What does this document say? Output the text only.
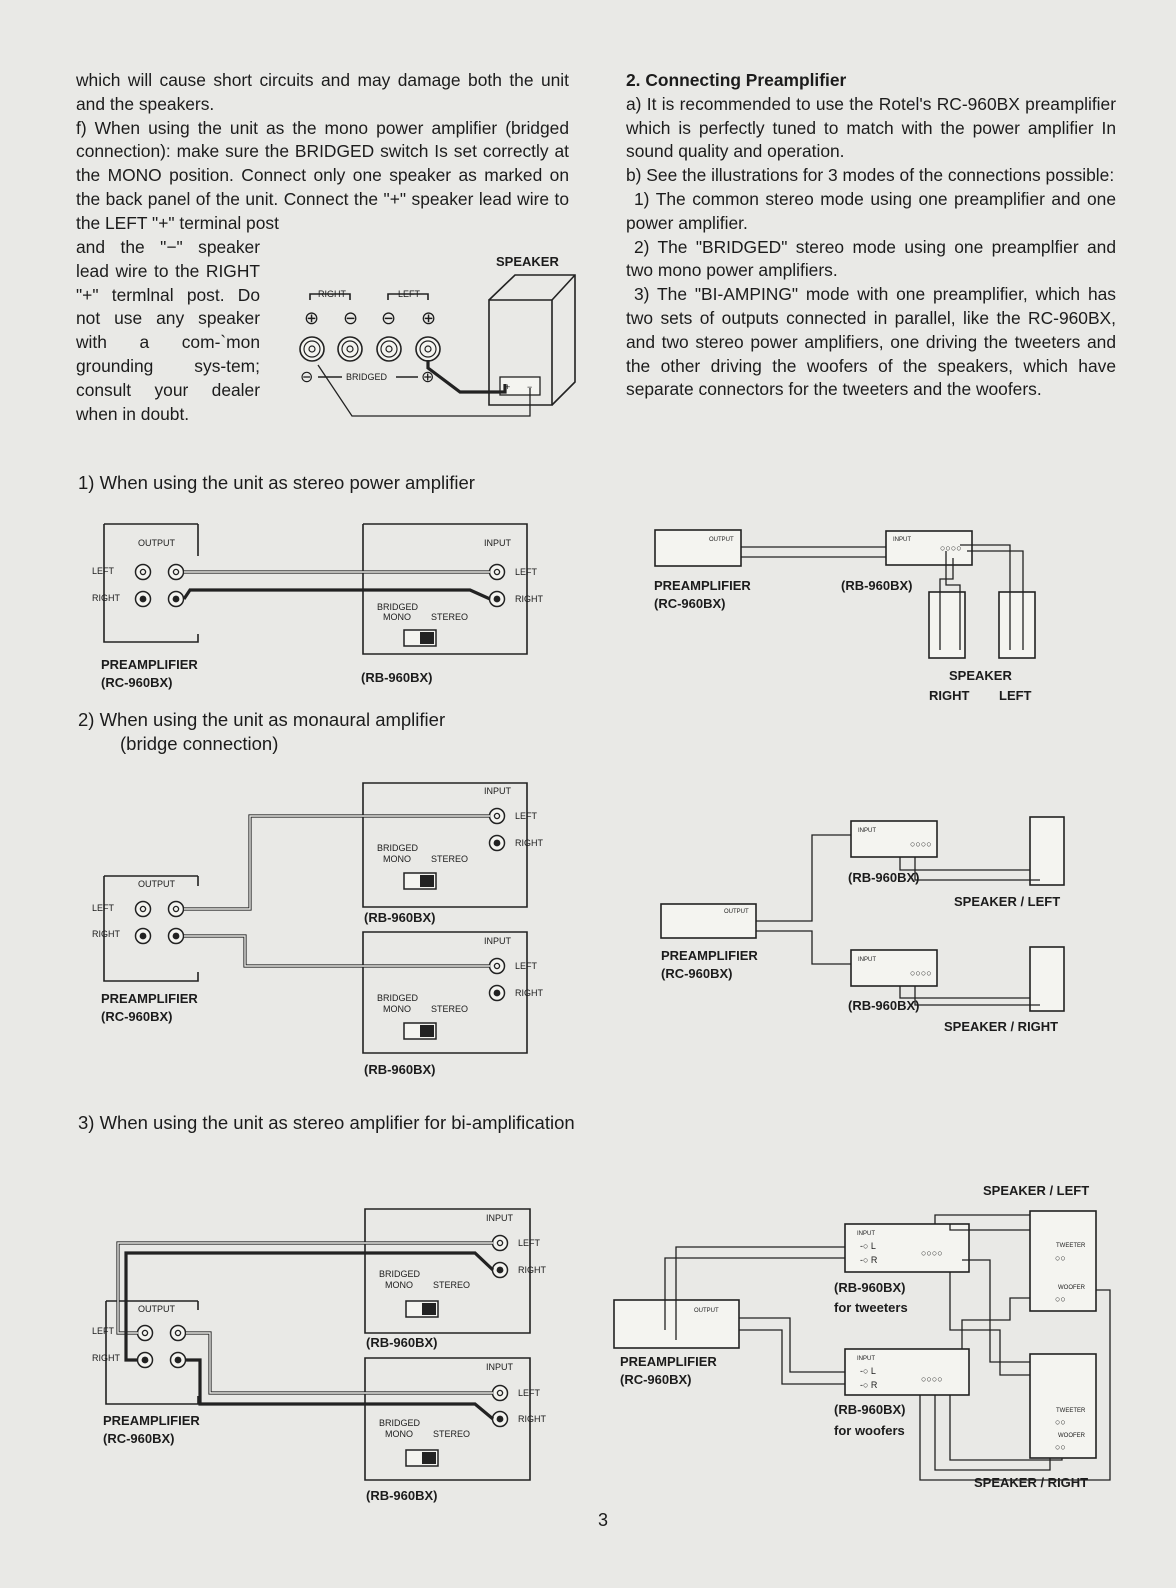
which will cause short circuits and may damage both the unit and the speakers.

f) When using the unit as the mono power amplifier (bridged connection): make sure the BRIDGED switch Is set correctly at the MONO position. Connect only one speaker as marked on the back panel of the unit. Connect the "+" speaker lead wire to the LEFT "+" terminal post

and the "−" speaker lead wire to the RIGHT "+" termlnal post. Do not use any speaker with a com-`mon grounding sys-tem; consult your dealer when in doubt.

2. Connecting Preamplifier

a) It is recommended to use the Rotel's RC-960BX preamplifier which is perfectly tuned to match with the power amplifier In sound quality and operation.

b) See the illustrations for 3 modes of the connections possible:

1) The common stereo mode using one preamplifier and one power amplifier.

2) The "BRIDGED" stereo mode using one preamplfier and two mono power amplifiers.

3) The "BI-AMPING" mode with one preamplifier, which has two sets of outputs connected in parallel, like the RC-960BX, and two stereo power amplifiers, one driving the tweeters and the other driving the woofers of the speakers, which have separate connectors for the tweeters and the woofers.

1) When using the unit as stereo power amplifier
2) When using the unit as monaural amplifier
(bridge connection)
3) When using the unit as stereo amplifier for bi-amplification
3
SPEAKER
+ −
RIGHT	LEFT
⊕ ⊖ ⊖ ⊕
⊖	⊕
BRIDGED
OUTPUT
LEFT
RIGHT
INPUT
LEFT
RIGHT
BRIDGED
MONO STEREO
PREAMPLIFIER
(RC-960BX)	(RB-960BX)
INPUT
LEFT
RIGHT
BRIDGED
MONO STEREO
(RB-960BX)
INPUT
LEFT
RIGHT
BRIDGED
MONO STEREO
(RB-960BX)
OUTPUT
LEFT
RIGHT
PREAMPLIFIER
(RC-960BX)
INPUT
LEFT
RIGHT
BRIDGED
MONO STEREO
(RB-960BX)
INPUT
LEFT
RIGHT
BRIDGED
MONO STEREO
(RB-960BX)
OUTPUT
LEFT
RIGHT
PREAMPLIFIER
(RC-960BX)
OUTPUT	INPUT
○○○○
PREAMPLIFIER
(RC-960BX)
(RB-960BX)
SPEAKER
RIGHT LEFT
INPUT
○○○○
(RB-960BX)
SPEAKER / LEFT
OUTPUT
PREAMPLIFIER
(RC-960BX)
INPUT
○○○○
(RB-960BX)
SPEAKER / RIGHT
SPEAKER / LEFT
TWEETER
○○
WOOFER
○○
INPUT
-○ L
-○ R
○○○○
(RB-960BX)
for tweeters
OUTPUT
PREAMPLIFIER
(RC-960BX)
INPUT
-○ L
-○ R
○○○○
(RB-960BX)
for woofers
TWEETER
○○
WOOFER
○○
SPEAKER / RIGHT
